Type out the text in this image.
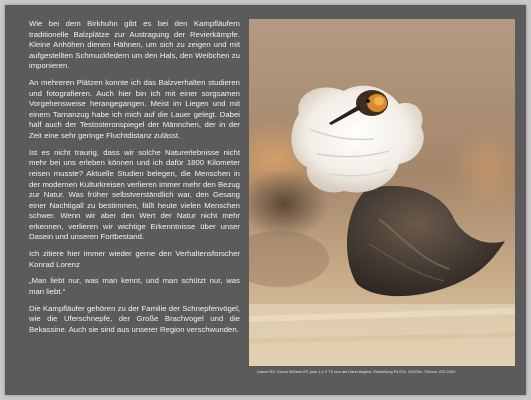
Wie bei dem Birkhuhn gibt es bei den Kampfläufern traditionelle Balzplätze zur Austragung der Revierkämpfe. Kleine Anhöhen dienen Hähnen, um sich zu zeigen und mit aufgestellten Schmuckfedern um den Hals, den Weibchen zu imponieren.

An mehreren Plätzen konnte ich das Balzverhalten studieren und fotografieren. Auch hier bin ich mit einer sorgsamen Vorgehensweise herangegangen. Meist im Liegen und mit einem Tarnanzug habe ich mich auf die Lauer gelegt. Dabei half auch der Testosteronspiegel der Männchen, der in der Zeit eine sehr geringe Fluchtdistanz zulässt.

Ist es nicht traurig, dass wir solche Naturerlebnisse nicht mehr bei uns erleben können und ich dafür 1800 Kilometer reisen musste? Aktuelle Studien belegen, die Menschen in der modernen Kulturkreisen verlieren immer mehr den Bezug zur Natur. Was früher selbstverständlich war, den Gesang einer Nachtigall zu bestimmen, fällt heute vielen Menschen schwer. Wenn wir aber den Wert der Natur nicht mehr erkennen, verlieren wir wichtige Erkenntnisse über unser Dasein und unseren Fortbestand.

Ich zitiere hier immer wieder gerne den Verhaltensforscher Konrad Lorenz

„Man liebt nur, was man kennt, und man schützt nur, was man liebt.“

Die Kampfläufer gehören zu der Familie der Schnepfenvögel, wie die Uferschnepfe, der Große Brachvogel und die Bekassine. Auch sie sind aus unserer Region verschwunden.

Canon R5, Canon 500mm EF, plus 1,4 X TK aus der Hand liegend, Einstellung F# f5,6, 1/2000s, 700mm, ISO 2000
